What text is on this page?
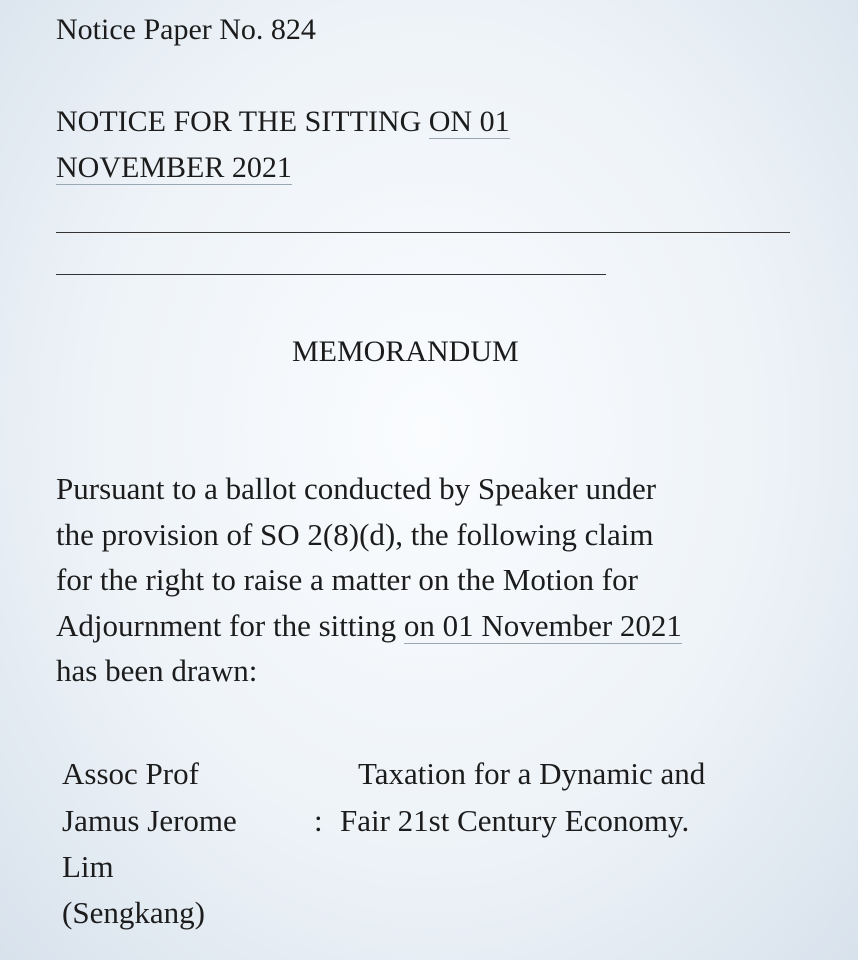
Notice Paper No. 824
NOTICE FOR THE SITTING ON 01
NOVEMBER 2021
MEMORANDUM
Pursuant to a ballot conducted by Speaker under
the provision of SO 2(8)(d), the following claim
for the right to raise a matter on the Motion for
Adjournment for the sitting on 01 November 2021
has been drawn:
Assoc Prof
Jamus Jerome
Lim
(Sengkang)
:
Taxation for a Dynamic and
Fair 21st Century Economy.
